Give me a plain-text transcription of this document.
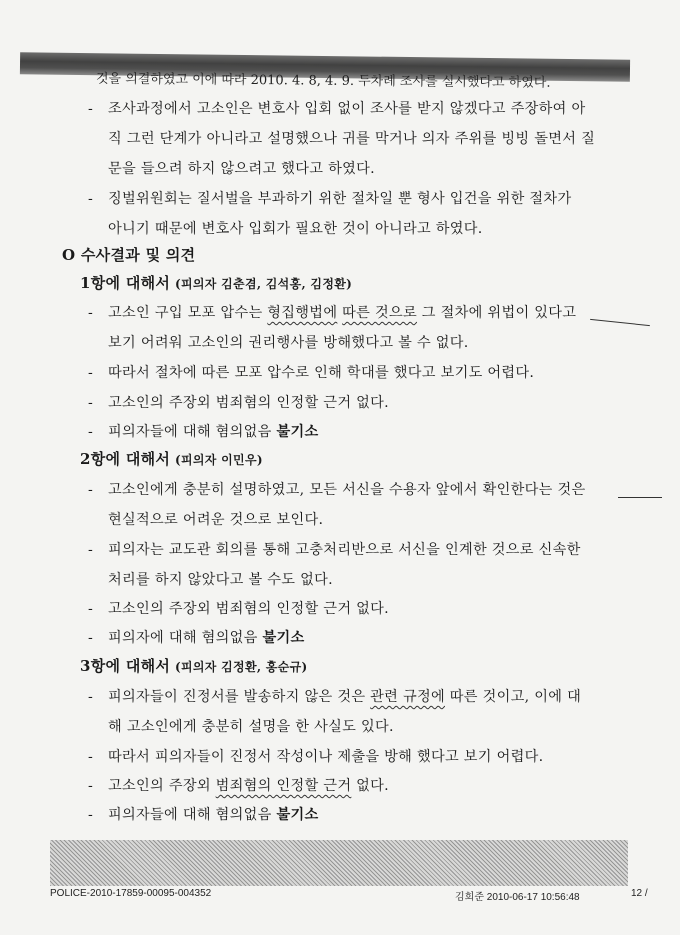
것을 의결하였고 이에 따라 2010. 4. 8, 4. 9. 두차례 조사를 실시했다고 하였다.
- 조사과정에서 고소인은 변호사 입회 없이 조사를 받지 않겠다고 주장하여 아
직 그런 단계가 아니라고 설명했으나 귀를 막거나 의자 주위를 빙빙 돌면서 질
문을 들으려 하지 않으려고 했다고 하였다.
- 징벌위원회는 질서벌을 부과하기 위한 절차일 뿐 형사 입건을 위한 절차가
아니기 때문에 변호사 입회가 필요한 것이 아니라고 하였다.
O 수사결과 및 의견
1항에 대해서 (피의자 김춘겸, 김석홍, 김정환)
- 고소인 구입 모포 압수는 형집행법에 따른 것으로 그 절차에 위법이 있다고
보기 어려워 고소인의 권리행사를 방해했다고 볼 수 없다.
- 따라서 절차에 따른 모포 압수로 인해 학대를 했다고 보기도 어렵다.
- 고소인의 주장외 범죄혐의 인정할 근거 없다.
- 피의자들에 대해 혐의없음 불기소
2항에 대해서 (피의자 이민우)
- 고소인에게 충분히 설명하였고, 모든 서신을 수용자 앞에서 확인한다는 것은
현실적으로 어려운 것으로 보인다.
- 피의자는 교도관 회의를 통해 고충처리반으로 서신을 인계한 것으로 신속한
처리를 하지 않았다고 볼 수도 없다.
- 고소인의 주장외 범죄혐의 인정할 근거 없다.
- 피의자에 대해 혐의없음 불기소
3항에 대해서 (피의자 김정환, 홍순규)
- 피의자들이 진정서를 발송하지 않은 것은 관련 규정에 따른 것이고, 이에 대
해 고소인에게 충분히 설명을 한 사실도 있다.
- 따라서 피의자들이 진정서 작성이나 제출을 방해 했다고 보기 어렵다.
- 고소인의 주장외 범죄혐의 인정할 근거 없다.
- 피의자들에 대해 혐의없음 불기소
POLICE-2010-17859-00095-004352	김희준 2010-06-17 10:56:48	12 /
